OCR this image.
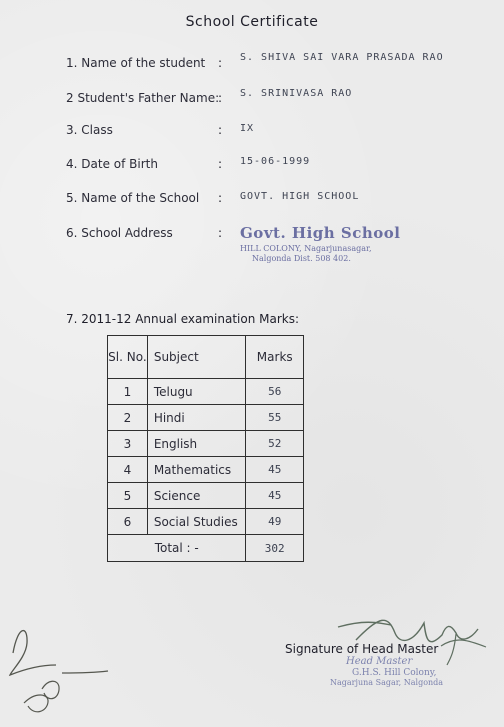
School Certificate
1. Name of the student : S. SHIVA SAI VARA PRASADA RAO
2 Student's Father Name:
: S. SRINIVASA RAO
3. Class	: IX
4. Date of Birth	: 15-06-1999
5. Name of the School : GOVT. HIGH SCHOOL
6. School Address	: Govt. High School
HILL COLONY, Nagarjunasagar,
Nalgonda Dist. 508 402.
7. 2011-12 Annual examination Marks:
Sl. No.	Subject	Marks
1	Telugu	56
2	Hindi	55
3	English	52
4	Mathematics	45
5	Science	45
6	Social Studies	49
Total : -		302
Signature of Head Master
Head Master
G.H.S. Hill Colony,
Nagarjuna Sagar, Nalgonda
